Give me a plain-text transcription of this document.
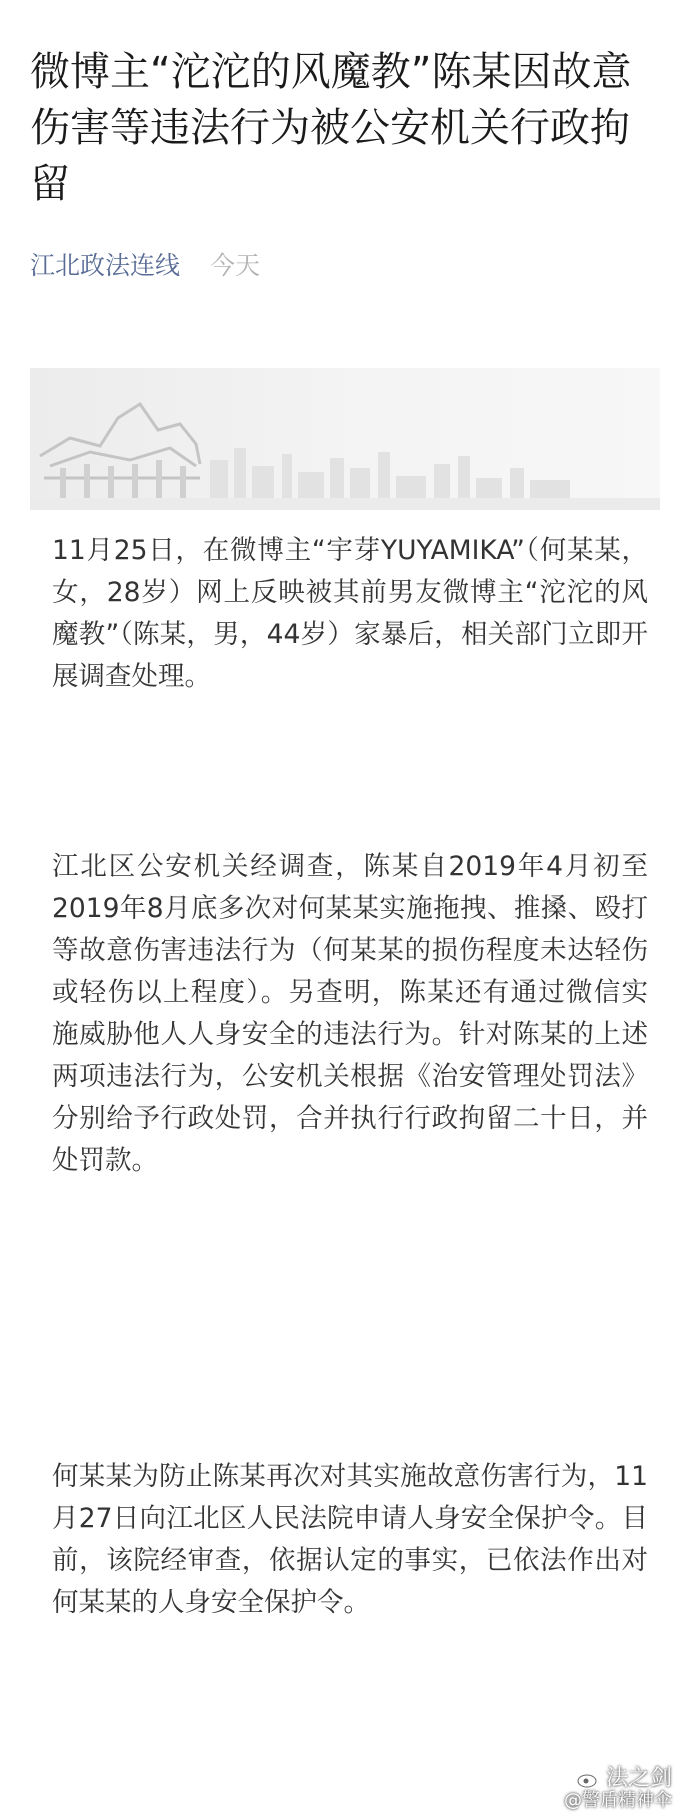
微博主“沱沱的风魔教”陈某因故意伤害等违法行为被公安机关行政拘留
江北政法连线 今天

11月25日，在微博主“宇芽YUYAMIKA”（何某某，女，28岁）网上反映被其前男友微博主“沱沱的风魔教”（陈某，男，44岁）家暴后，相关部门立即开展调查处理。

江北区公安机关经调查，陈某自2019年4月初至2019年8月底多次对何某某实施拖拽、推搡、殴打等故意伤害违法行为（何某某的损伤程度未达轻伤或轻伤以上程度）。另查明，陈某还有通过微信实施威胁他人人身安全的违法行为。针对陈某的上述两项违法行为，公安机关根据《治安管理处罚法》分别给予行政处罚，合并执行行政拘留二十日，并处罚款。

何某某为防止陈某再次对其实施故意伤害行为，11月27日向江北区人民法院申请人身安全保护令。目前，该院经审查，依据认定的事实，已依法作出对何某某的人身安全保护令。

法之剑
@警盾精神伞
